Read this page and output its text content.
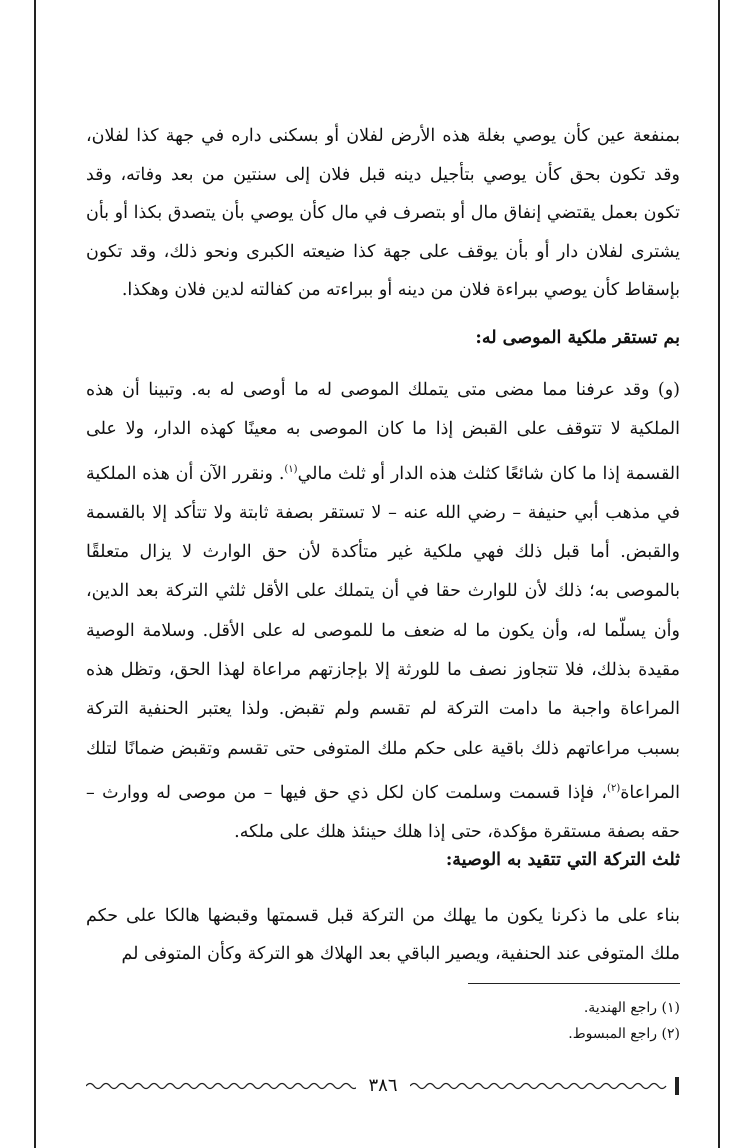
بمنفعة عين كأن يوصي بغلة هذه الأرض لفلان أو بسكنى داره في جهة كذا لفلان، وقد تكون بحق كأن يوصي بتأجيل دينه قبل فلان إلى سنتين من بعد وفاته، وقد تكون بعمل يقتضي إنفاق مال أو بتصرف في مال كأن يوصي بأن يتصدق بكذا أو بأن يشترى لفلان دار أو بأن يوقف على جهة كذا ضيعته الكبرى ونحو ذلك، وقد تكون بإسقاط كأن يوصي ببراءة فلان من دينه أو ببراءته من كفالته لدين فلان وهكذا.

بم تستقر ملكية الموصى له:

(و) وقد عرفنا مما مضى متى يتملك الموصى له ما أوصى له به. وتبينا أن هذه الملكية لا تتوقف على القبض إذا ما كان الموصى به معينًا كهذه الدار، ولا على القسمة إذا ما كان شائعًا كثلث هذه الدار أو ثلث مالي$^{(١)}$. ونقرر الآن أن هذه الملكية في مذهب أبي حنيفة – رضي الله عنه – لا تستقر بصفة ثابتة ولا تتأكد إلا بالقسمة والقبض. أما قبل ذلك فهي ملكية غير متأكدة لأن حق الوارث لا يزال متعلقًا بالموصى به؛ ذلك لأن للوارث حقا في أن يتملك على الأقل ثلثي التركة بعد الدين، وأن يسلّما له، وأن يكون ما له ضعف ما للموصى له على الأقل. وسلامة الوصية مقيدة بذلك، فلا تتجاوز نصف ما للورثة إلا بإجازتهم مراعاة لهذا الحق، وتظل هذه المراعاة واجبة ما دامت التركة لم تقسم ولم تقبض. ولذا يعتبر الحنفية التركة بسبب مراعاتهم ذلك باقية على حكم ملك المتوفى حتى تقسم وتقبض ضمانًا لتلك المراعاة$^{(٢)}$، فإذا قسمت وسلمت كان لكل ذي حق فيها – من موصى له ووارث – حقه بصفة مستقرة مؤكدة، حتى إذا هلك حينئذ هلك على ملكه.

ثلث التركة التي تتقيد به الوصية:

بناء على ما ذكرنا يكون ما يهلك من التركة قبل قسمتها وقبضها هالكا على حكم ملك المتوفى عند الحنفية، ويصير الباقي بعد الهلاك هو التركة وكأن المتوفى لم

(١) راجع الهندية.
(٢) راجع المبسوط.
٣٨٦
